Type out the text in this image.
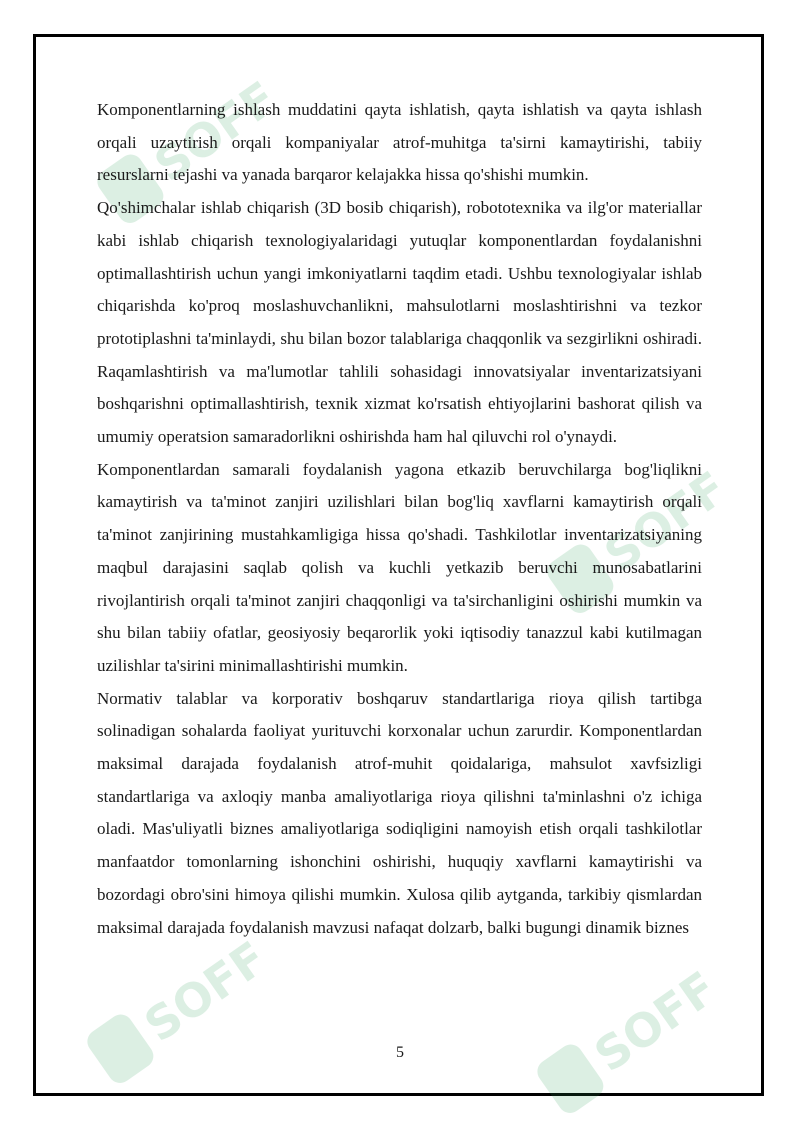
SOFF
SOFF
SOFF	SOFF

Komponentlarning ishlash muddatini qayta ishlatish, qayta ishlatish va qayta ishlash orqali uzaytirish orqali kompaniyalar atrof-muhitga ta'sirni kamaytirishi, tabiiy resurslarni tejashi va yanada barqaror kelajakka hissa qo'shishi mumkin.

Qo'shimchalar ishlab chiqarish (3D bosib chiqarish), robototexnika va ilg'or materiallar kabi ishlab chiqarish texnologiyalaridagi yutuqlar komponentlardan foydalanishni optimallashtirish uchun yangi imkoniyatlarni taqdim etadi. Ushbu texnologiyalar ishlab chiqarishda ko'proq moslashuvchanlikni, mahsulotlarni moslashtirishni va tezkor prototiplashni ta'minlaydi, shu bilan bozor talablariga chaqqonlik va sezgirlikni oshiradi. Raqamlashtirish va ma'lumotlar tahlili sohasidagi innovatsiyalar inventarizatsiyani boshqarishni optimallashtirish, texnik xizmat ko'rsatish ehtiyojlarini bashorat qilish va umumiy operatsion samaradorlikni oshirishda ham hal qiluvchi rol o'ynaydi.

Komponentlardan samarali foydalanish yagona etkazib beruvchilarga bog'liqlikni kamaytirish va ta'minot zanjiri uzilishlari bilan bog'liq xavflarni kamaytirish orqali ta'minot zanjirining mustahkamligiga hissa qo'shadi. Tashkilotlar inventarizatsiyaning maqbul darajasini saqlab qolish va kuchli yetkazib beruvchi munosabatlarini rivojlantirish orqali ta'minot zanjiri chaqqonligi va ta'sirchanligini oshirishi mumkin va shu bilan tabiiy ofatlar, geosiyosiy beqarorlik yoki iqtisodiy tanazzul kabi kutilmagan uzilishlar ta'sirini minimallashtirishi mumkin.

Normativ talablar va korporativ boshqaruv standartlariga rioya qilish tartibga solinadigan sohalarda faoliyat yurituvchi korxonalar uchun zarurdir. Komponentlardan maksimal darajada foydalanish atrof-muhit qoidalariga, mahsulot xavfsizligi standartlariga va axloqiy manba amaliyotlariga rioya qilishni ta'minlashni o'z ichiga oladi. Mas'uliyatli biznes amaliyotlariga sodiqligini namoyish etish orqali tashkilotlar manfaatdor tomonlarning ishonchini oshirishi, huquqiy xavflarni kamaytirishi va bozordagi obro'sini himoya qilishi mumkin. Xulosa qilib aytganda, tarkibiy qismlardan maksimal darajada foydalanish mavzusi nafaqat dolzarb, balki bugungi dinamik biznes

5
